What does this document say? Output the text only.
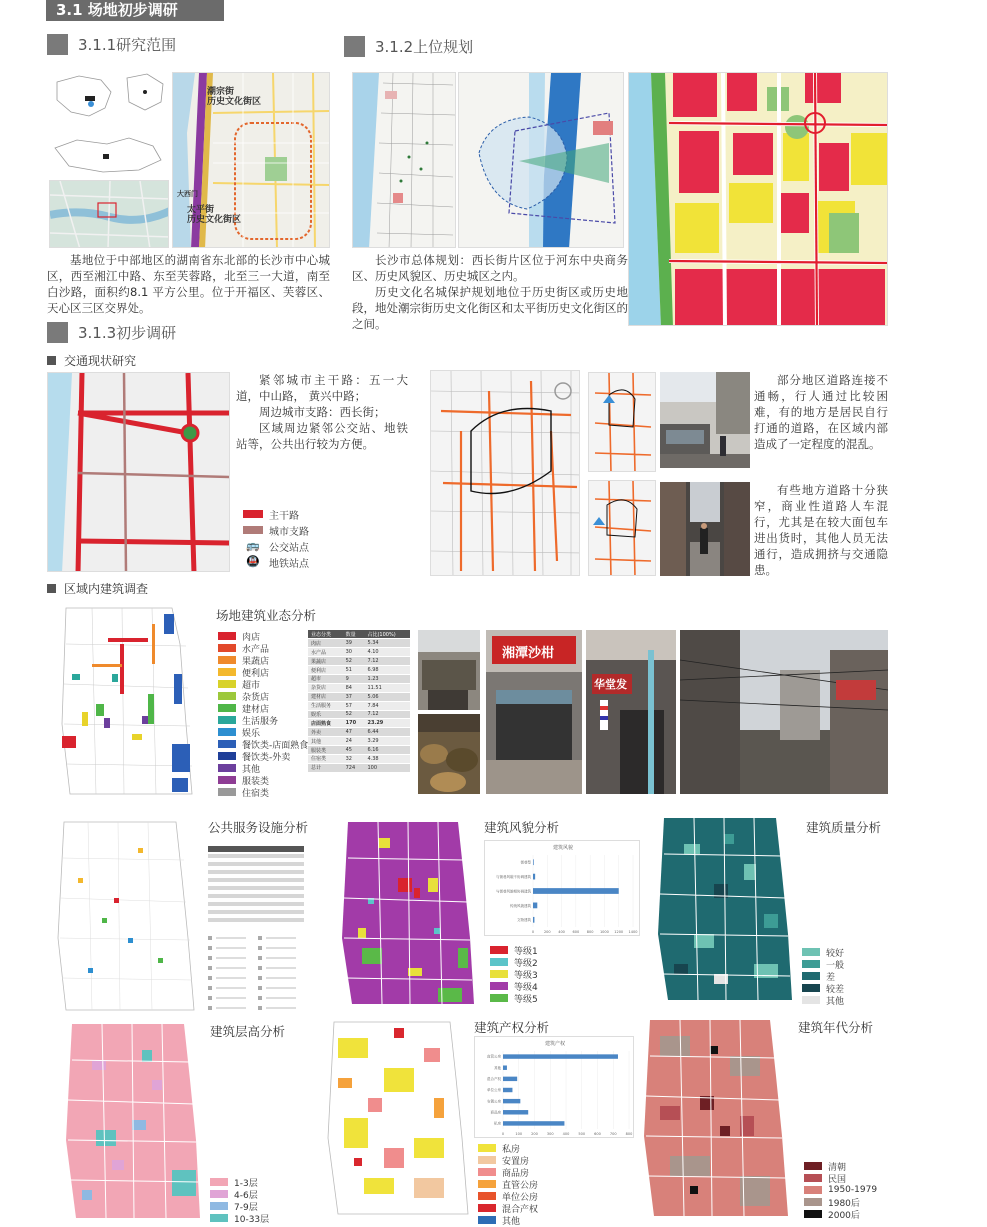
3.1 场地初步调研
3.1.1研究范围
潮宗街
历史文化街区
大西门
太平街
历史文化街区

基地位于中部地区的湖南省东北部的长沙市中心城区，西至湘江中路、东至芙蓉路，北至三一大道，南至白沙路，面积约8.1 平方公里。位于开福区、芙蓉区、天心区三区交界处。

3.1.2上位规划

长沙市总体规划：西长街片区位于河东中央商务区、历史风貌区、历史城区之内。

历史文化名城保护规划地位于历史街区或历史地段，地处潮宗街历史文化街区和太平街历史文化街区的之间。

3.1.3初步调研
交通现状研究

紧邻城市主干路：五一大道，中山路， 黄兴中路；

周边城市支路：西长街；

区域周边紧邻公交站、地铁站等，公共出行较为方便。

主干路
城市支路
🚌 公交站点
🚇 地铁站点

部分地区道路连接不通畅，行人通过比较困难，有的地方是居民自行打通的道路，在区域内部造成了一定程度的混乱。

有些地方道路十分狭窄，商业性道路人车混行，尤其是在较大面包车进出货时，其他人员无法通行，造成拥挤与交通隐患。

区域内建筑调查
场地建筑业态分析
肉店
水产品
果蔬店
便利店
超市
杂货店
建材店
生活服务
娱乐
餐饮类-店面熟食
餐饮类-外卖
其他
服装类
住宿类
业态分类	数量	占比(100%)
肉店	39	5.34
水产品	30	4.10
果蔬店	52	7.12
便利店	51	6.98
超市	9	1.23
杂货店	84	11.51
建材店	37	5.06
生活服务	57	7.84
娱乐	52	7.12
店面熟食	170	23.29
外卖	47	6.44
其他	24	3.29
服装类	45	6.16
住宿类	32	4.38
总计	724	100
湘潭沙柑
华堂发
公共服务设施分析	建筑风貌分析
建筑风貌
0	200 400 600 800 1000 1200 1400
街巷型
与街巷风貌不协调建筑
与街巷风貌相协调建筑
传统风貌建筑
文物建筑
等级1
等级2
等级3
等级4
等级5
建筑质量分析
较好
一般
差
较差
其他
建筑层高分析
1-3层
4-6层
7-9层
10-33层
建筑产权分析
建筑产权
0	100	200	300	400	500	600	700	800
直管公房
其他
混合产权
单位公房
安置公房
商品房
私房
私房
安置房
商品房
直管公房
单位公房
混合产权
其他
建筑年代分析
清朝
民国
1950-1979
1980后
2000后
